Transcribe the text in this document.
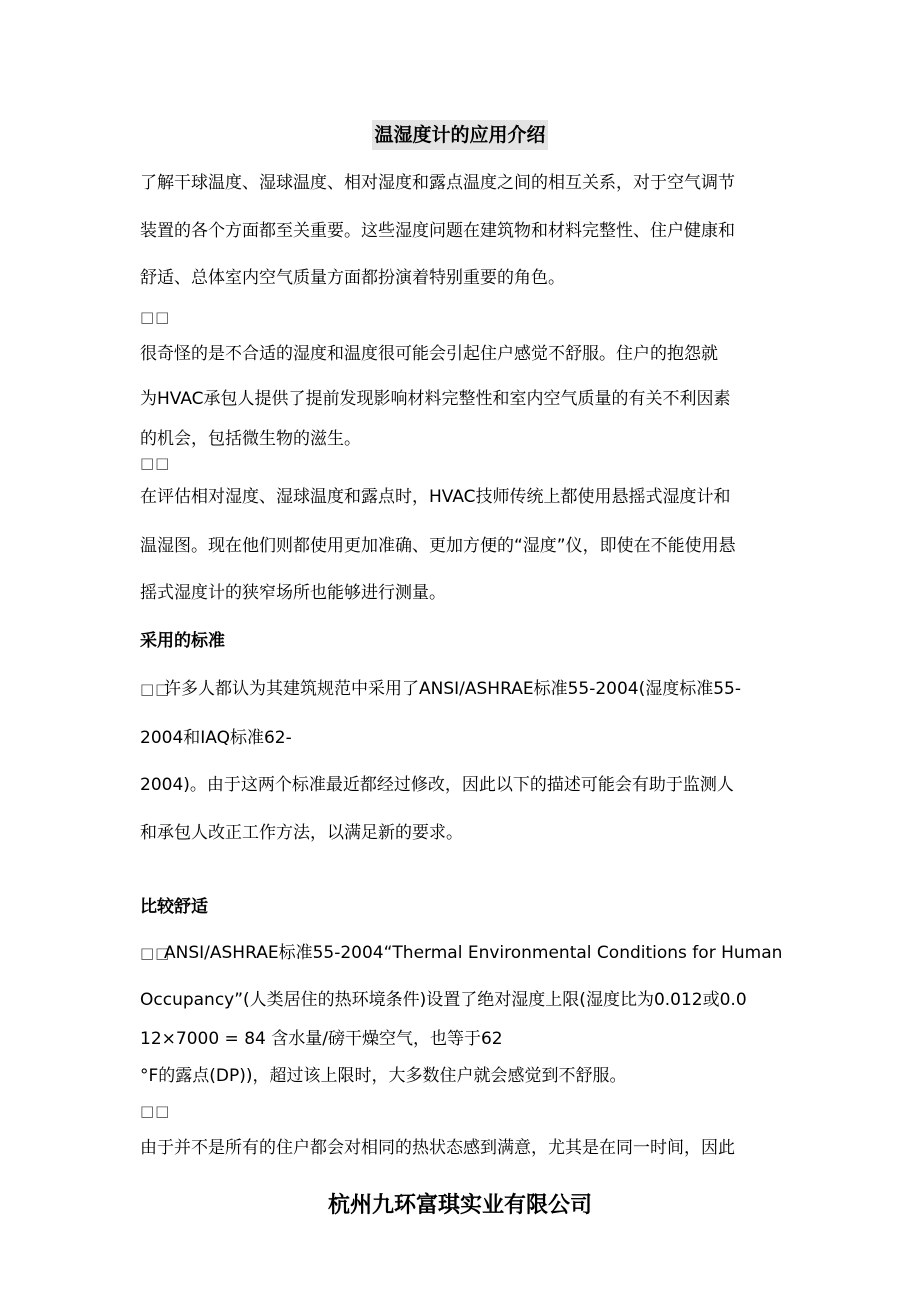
温湿度计的应用介绍
了解干球温度、湿球温度、相对湿度和露点温度之间的相互关系，对于空气调节
装置的各个方面都至关重要。这些湿度问题在建筑物和材料完整性、住户健康和
舒适、总体室内空气质量方面都扮演着特别重要的角色。
□□
很奇怪的是不合适的湿度和温度很可能会引起住户感觉不舒服。住户的抱怨就
为HVAC承包人提供了提前发现影响材料完整性和室内空气质量的有关不利因素
的机会，包括微生物的滋生。
□□
在评估相对湿度、湿球温度和露点时，HVAC技师传统上都使用悬摇式湿度计和
温湿图。现在他们则都使用更加准确、更加方便的“湿度”仪，即使在不能使用悬
摇式湿度计的狭窄场所也能够进行测量。
采用的标准
□□
许多人都认为其建筑规范中采用了ANSI/ASHRAE标准55-2004(湿度标准55-
2004和IAQ标准62-
2004)。由于这两个标准最近都经过修改，因此以下的描述可能会有助于监测人
和承包人改正工作方法，以满足新的要求。
比较舒适
□□
ANSI/ASHRAE标准55-2004“Thermal Environmental Conditions for Human
Occupancy”(人类居住的热环境条件)设置了绝对湿度上限(湿度比为0.012或0.0
12×7000 = 84 含水量/磅干燥空气，也等于62
°F的露点(DP))，超过该上限时，大多数住户就会感觉到不舒服。
□□
由于并不是所有的住户都会对相同的热状态感到满意，尤其是在同一时间，因此
杭州九环富琪实业有限公司
